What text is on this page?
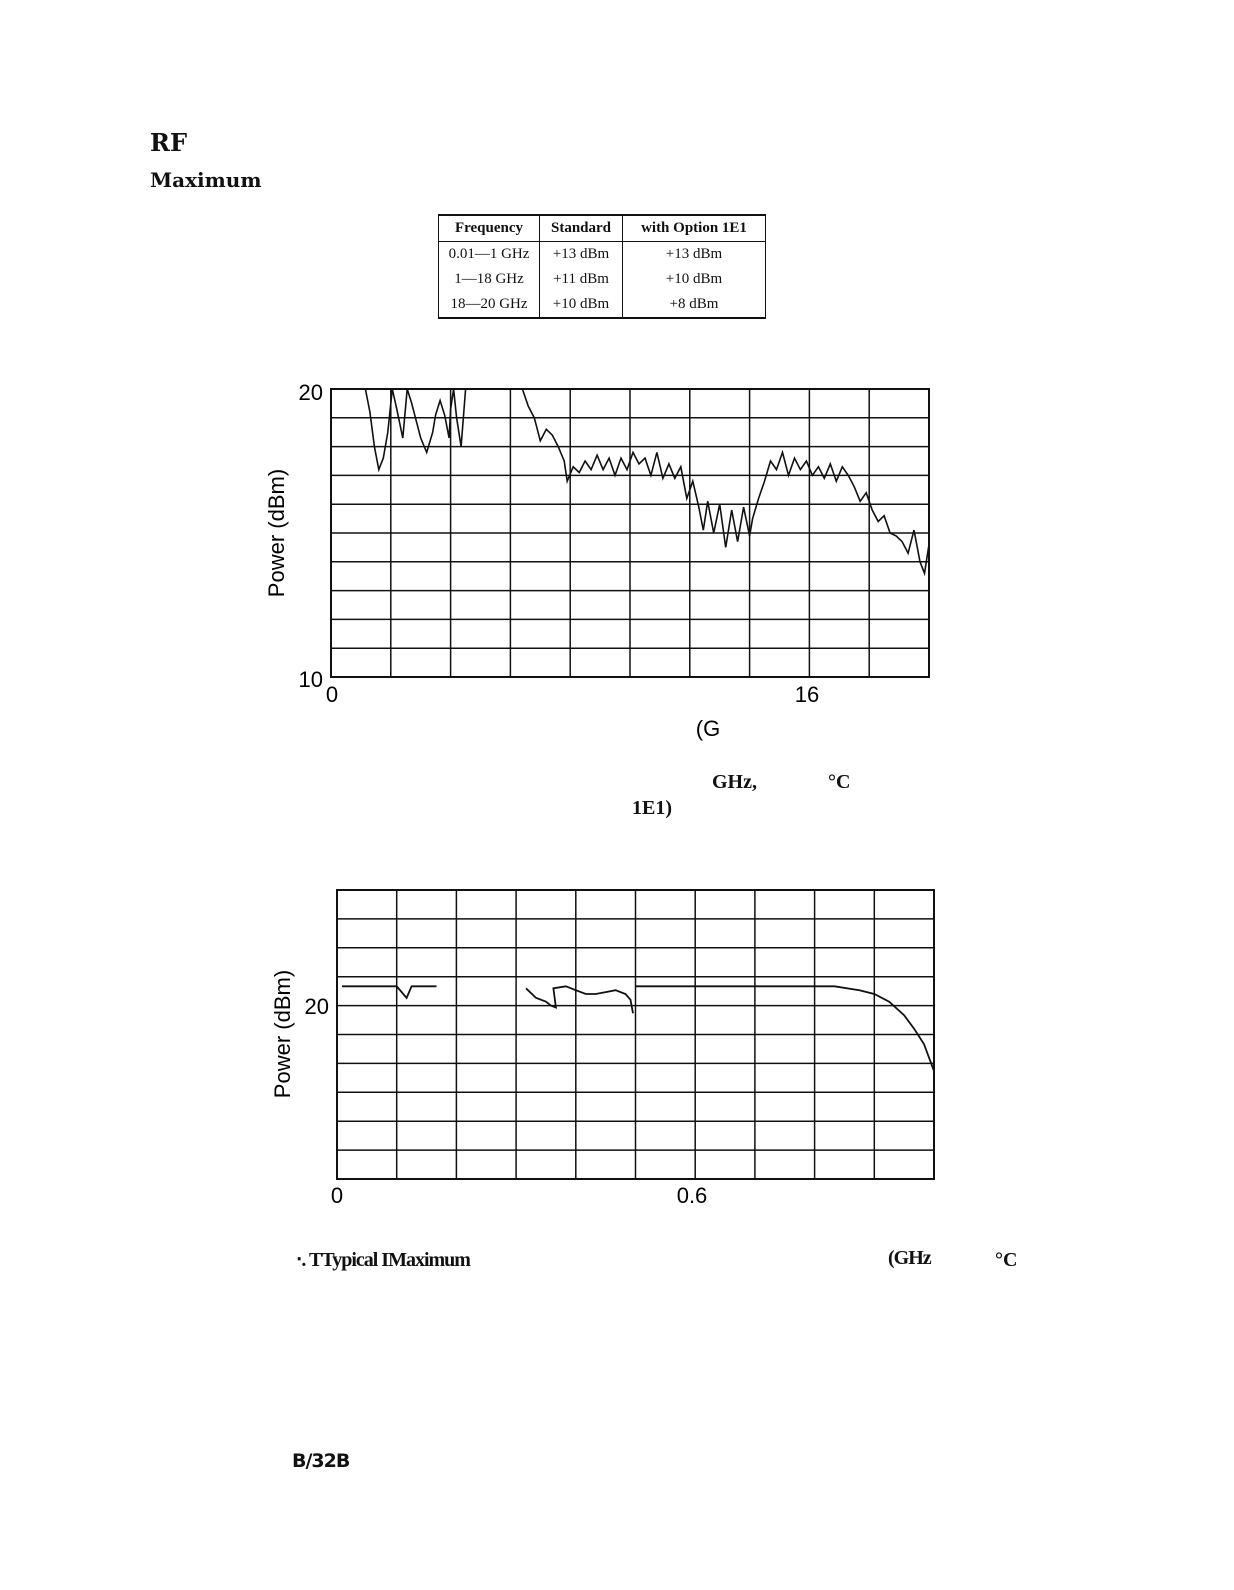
RF
Maximum
Frequency	Standard	with Option 1E1
0.01—1 GHz	+13 dBm	+13 dBm
1—18 GHz	+11 dBm	+10 dBm
18—20 GHz	+10 dBm	+8 dBm
20
10
0	16
(G
Power (dBm)
GHz,	°C
1E1)
20
0	0.6
Power (dBm)
‧. TTypical IMaximum	(GHz	°C
B/32B
